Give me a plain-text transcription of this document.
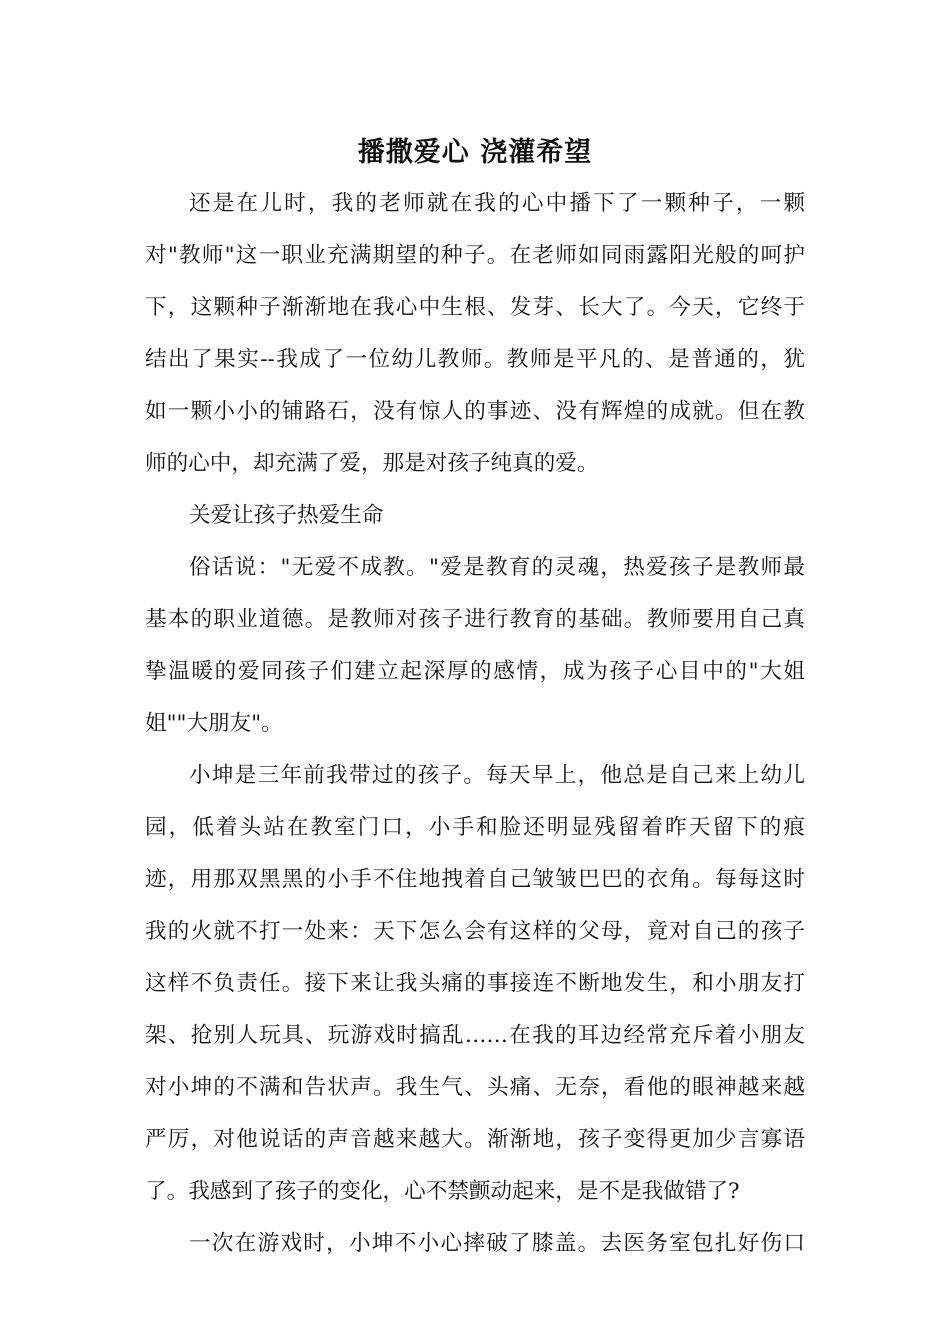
播撒爱心 浇灌希望
还是在儿时，我的老师就在我的心中播下了一颗种子，一颗
对"教师"这一职业充满期望的种子。在老师如同雨露阳光般的呵护
下，这颗种子渐渐地在我心中生根、发芽、长大了。今天，它终于
结出了果实--我成了一位幼儿教师。教师是平凡的、是普通的，犹
如一颗小小的铺路石，没有惊人的事迹、没有辉煌的成就。但在教
师的心中，却充满了爱，那是对孩子纯真的爱。
关爱让孩子热爱生命
俗话说："无爱不成教。"爱是教育的灵魂，热爱孩子是教师最
基本的职业道德。是教师对孩子进行教育的基础。教师要用自己真
挚温暖的爱同孩子们建立起深厚的感情，成为孩子心目中的"大姐
姐""大朋友"。
小坤是三年前我带过的孩子。每天早上，他总是自己来上幼儿
园，低着头站在教室门口，小手和脸还明显残留着昨天留下的痕
迹，用那双黑黑的小手不住地拽着自己皱皱巴巴的衣角。每每这时
我的火就不打一处来：天下怎么会有这样的父母，竟对自己的孩子
这样不负责任。接下来让我头痛的事接连不断地发生，和小朋友打
架、抢别人玩具、玩游戏时搞乱……在我的耳边经常充斥着小朋友
对小坤的不满和告状声。我生气、头痛、无奈，看他的眼神越来越
严厉，对他说话的声音越来越大。渐渐地，孩子变得更加少言寡语
了。我感到了孩子的变化，心不禁颤动起来，是不是我做错了?
一次在游戏时，小坤不小心摔破了膝盖。去医务室包扎好伤口
